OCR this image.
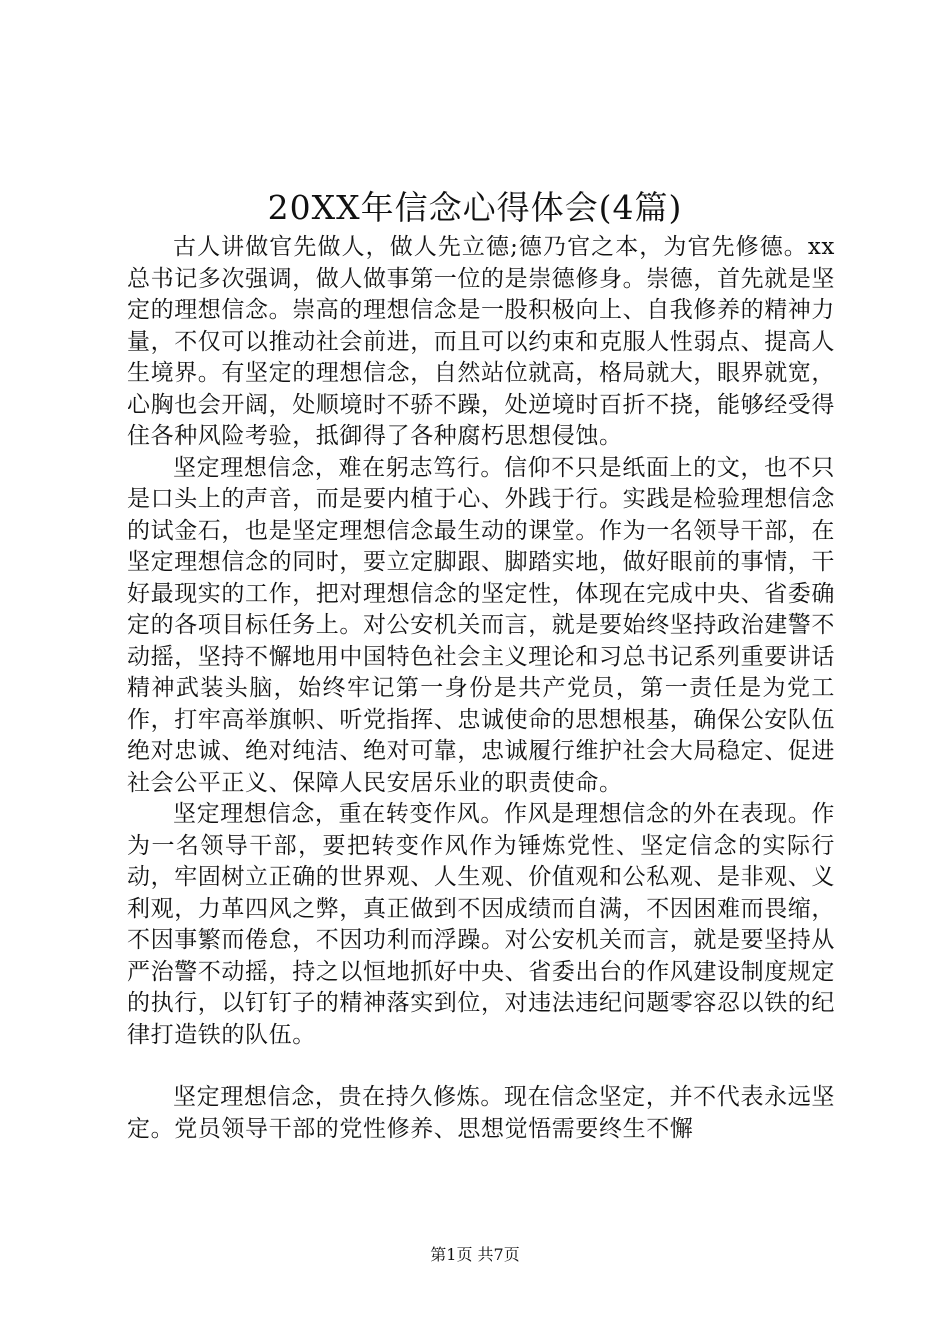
20XX年信念心得体会(4篇)

古人讲做官先做人，做人先立德;德乃官之本，为官先修德。xx总书记多次强调，做人做事第一位的是崇德修身。崇德，首先就是坚定的理想信念。崇高的理想信念是一股积极向上、自我修养的精神力量，不仅可以推动社会前进，而且可以约束和克服人性弱点、提高人生境界。有坚定的理想信念，自然站位就高，格局就大，眼界就宽，心胸也会开阔，处顺境时不骄不躁，处逆境时百折不挠，能够经受得住各种风险考验，抵御得了各种腐朽思想侵蚀。

坚定理想信念，难在躬志笃行。信仰不只是纸面上的文，也不只是口头上的声音，而是要内植于心、外践于行。实践是检验理想信念的试金石，也是坚定理想信念最生动的课堂。作为一名领导干部，在坚定理想信念的同时，要立定脚跟、脚踏实地，做好眼前的事情，干好最现实的工作，把对理想信念的坚定性，体现在完成中央、省委确定的各项目标任务上。对公安机关而言，就是要始终坚持政治建警不动摇，坚持不懈地用中国特色社会主义理论和习总书记系列重要讲话精神武装头脑，始终牢记第一身份是共产党员，第一责任是为党工作，打牢高举旗帜、听党指挥、忠诚使命的思想根基，确保公安队伍绝对忠诚、绝对纯洁、绝对可靠，忠诚履行维护社会大局稳定、促进社会公平正义、保障人民安居乐业的职责使命。

坚定理想信念，重在转变作风。作风是理想信念的外在表现。作为一名领导干部，要把转变作风作为锤炼党性、坚定信念的实际行动，牢固树立正确的世界观、人生观、价值观和公私观、是非观、义利观，力革四风之弊，真正做到不因成绩而自满，不因困难而畏缩，不因事繁而倦怠，不因功利而浮躁。对公安机关而言，就是要坚持从严治警不动摇，持之以恒地抓好中央、省委出台的作风建设制度规定的执行，以钉钉子的精神落实到位，对违法违纪问题零容忍以铁的纪律打造铁的队伍。

坚定理想信念，贵在持久修炼。现在信念坚定，并不代表永远坚定。党员领导干部的党性修养、思想觉悟需要终生不懈

第1页 共7页
